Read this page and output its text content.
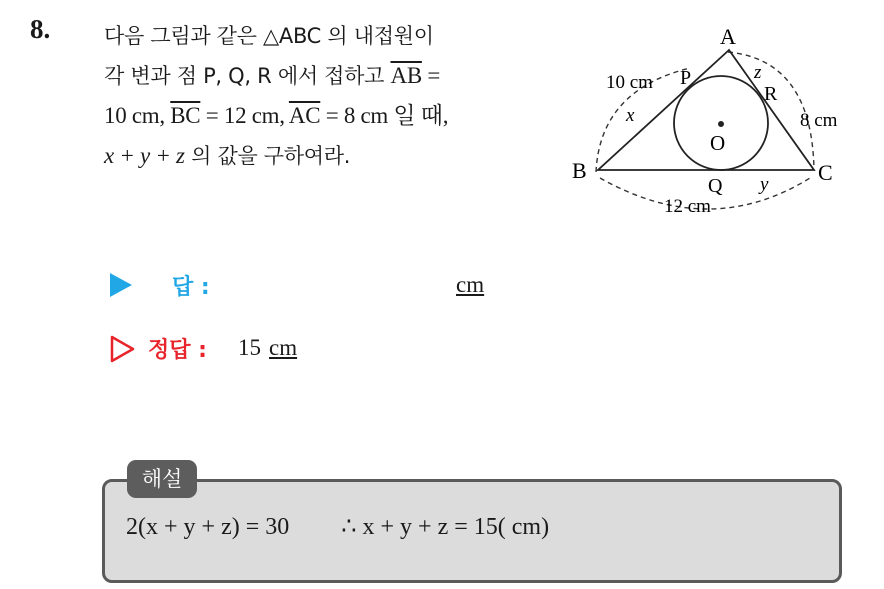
8.	다음 그림과 같은 △ABC 의 내접원이
각 변과 점 P, Q, R 에서 접하고 $\overline{AB}$ =
10 cm, $\overline{BC} = 12$ cm, $\overline{AC} = 8$ cm 일 때,
x + y + z 의 값을 구하여라.
A
B	C
P
Q
R
O
x
y
z
10 cm
8 cm
12 cm
답 :	cm
정답 : 15 cm
해설
2(x + y + z) = 30 ∴ x + y + z = 15( cm)
